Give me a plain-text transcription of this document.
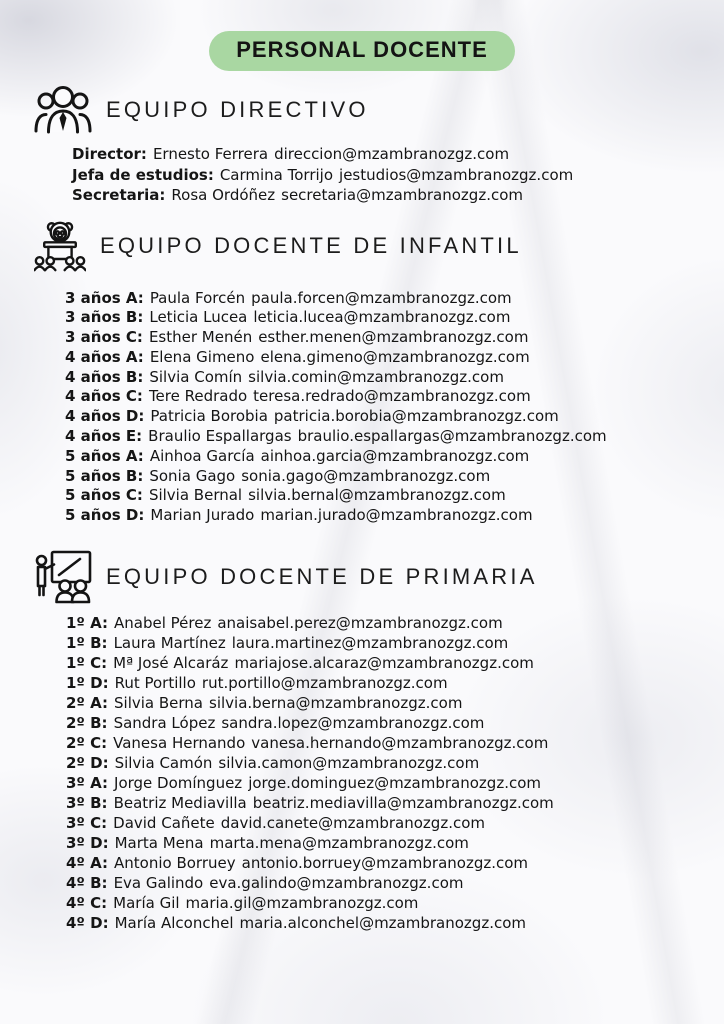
PERSONAL DOCENTE
EQUIPO DIRECTIVO
Director: Ernesto Ferrera direccion@mzambranozgz.com
Jefa de estudios: Carmina Torrijo jestudios@mzambranozgz.com
Secretaria: Rosa Ordóñez secretaria@mzambranozgz.com
EQUIPO DOCENTE DE INFANTIL
3 años A: Paula Forcén paula.forcen@mzambranozgz.com
3 años B: Leticia Lucea leticia.lucea@mzambranozgz.com
3 años C: Esther Menén esther.menen@mzambranozgz.com
4 años A: Elena Gimeno elena.gimeno@mzambranozgz.com
4 años B: Silvia Comín silvia.comin@mzambranozgz.com
4 años C: Tere Redrado teresa.redrado@mzambranozgz.com
4 años D: Patricia Borobia patricia.borobia@mzambranozgz.com
4 años E: Braulio Espallargas braulio.espallargas@mzambranozgz.com
5 años A: Ainhoa García ainhoa.garcia@mzambranozgz.com
5 años B: Sonia Gago sonia.gago@mzambranozgz.com
5 años C: Silvia Bernal silvia.bernal@mzambranozgz.com
5 años D: Marian Jurado marian.jurado@mzambranozgz.com
EQUIPO DOCENTE DE PRIMARIA
1º A: Anabel Pérez anaisabel.perez@mzambranozgz.com
1º B: Laura Martínez laura.martinez@mzambranozgz.com
1º C: Mª José Alcaráz mariajose.alcaraz@mzambranozgz.com
1º D: Rut Portillo rut.portillo@mzambranozgz.com
2º A: Silvia Berna silvia.berna@mzambranozgz.com
2º B: Sandra López sandra.lopez@mzambranozgz.com
2º C: Vanesa Hernando vanesa.hernando@mzambranozgz.com
2º D: Silvia Camón silvia.camon@mzambranozgz.com
3º A: Jorge Domínguez jorge.dominguez@mzambranozgz.com
3º B: Beatriz Mediavilla beatriz.mediavilla@mzambranozgz.com
3º C: David Cañete david.canete@mzambranozgz.com
3º D: Marta Mena marta.mena@mzambranozgz.com
4º A: Antonio Borruey antonio.borruey@mzambranozgz.com
4º B: Eva Galindo eva.galindo@mzambranozgz.com
4º C: María Gil maria.gil@mzambranozgz.com
4º D: María Alconchel maria.alconchel@mzambranozgz.com
